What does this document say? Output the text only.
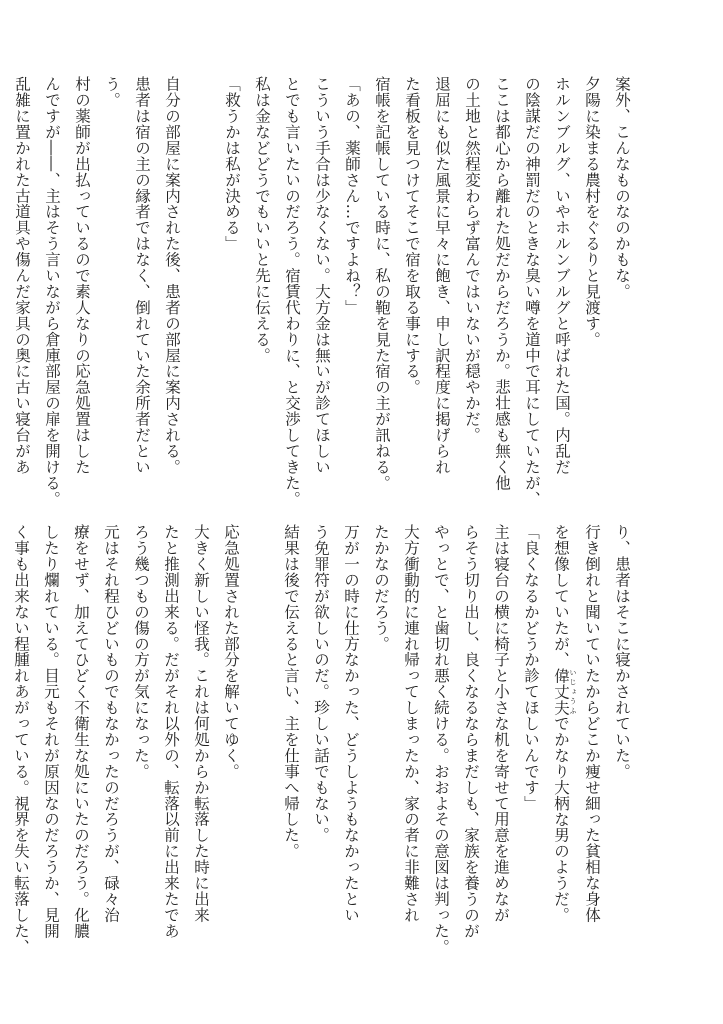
案外、こんなものなのかもな。
夕陽に染まる農村をぐるりと見渡す。
ホルンブルグ、いやホルンブルグと呼ばれた国。内乱だ
の陰謀だの神罰だのときな臭い噂を道中で耳にしていたが、
ここは都心から離れた処だからだろうか。悲壮感も無く他
の土地と然程変わらず富んではいないが穏やかだ。
退屈にも似た風景に早々に飽き、申し訳程度に掲げられ
た看板を見つけてそこで宿を取る事にする。
宿帳を記帳している時に、私の鞄を見た宿の主が訊ねる。
「あの、薬師さん…ですよね？」
こういう手合は少なくない。大方金は無いが診てほしい
とでも言いたいのだろう。宿賃代わりに、と交渉してきた。
私は金などどうでもいいと先に伝える。
「救うかは私が決める」
自分の部屋に案内された後、患者の部屋に案内される。
患者は宿の主の縁者ではなく、倒れていた余所者だとい
う。
村の薬師が出払っているので素人なりの応急処置はした
んですが――、主はそう言いながら倉庫部屋の扉を開ける。
乱雑に置かれた古道具や傷んだ家具の奥に古い寝台があ
り、患者はそこに寝かされていた。
行き倒れと聞いていたからどこか痩せ細った貧相な身体
を想像していたが、偉丈夫 いじょうふでかなり大柄な男のようだ。
「良くなるかどうか診てほしいんです」
主は寝台の横に椅子と小さな机を寄せて用意を進めなが
らそう切り出し、良くなるならまだしも、家族を養うのが
やっとで、と歯切れ悪く続ける。おおよその意図は判った。
大方衝動的に連れ帰ってしまったか、家の者に非難され
たかなのだろう。
万が一の時に仕方なかった、どうしようもなかったとい
う免罪符が欲しいのだ。珍しい話でもない。
結果は後で伝えると言い、主を仕事へ帰した。
応急処置された部分を解いてゆく。
大きく新しい怪我。これは何処からか転落した時に出来
たと推測出来る。だがそれ以外の、転落以前に出来たであ
ろう幾つもの傷の方が気になった。
元はそれ程ひどいものでもなかったのだろうが、碌々治
療をせず、加えてひどく不衛生な処にいたのだろう。化膿
したり爛れている。目元もそれが原因なのだろうか、見開
く事も出来ない程腫れあがっている。視界を失い転落した、
